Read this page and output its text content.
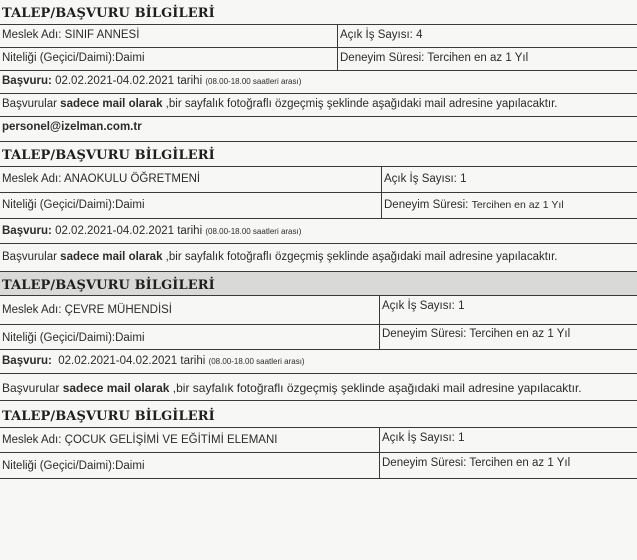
TALEP/BAŞVURU BİLGİLERİ
Meslek Adı: SINIF ANNESİ	Açık İş Sayısı: 4
Niteliği (Geçici/Daimi):Daimi	Deneyim Süresi: Tercihen en az 1 Yıl
Başvuru: 02.02.2021-04.02.2021 tarihi (08.00-18.00 saatleri arası)
Başvurular sadece mail olarak ,bir sayfalık fotoğraflı özgeçmiş şeklinde aşağıdaki mail adresine yapılacaktır.
personel@izelman.com.tr
TALEP/BAŞVURU BİLGİLERİ
Meslek Adı: ANAOKULU ÖĞRETMENİ	Açık İş Sayısı: 1
Niteliği (Geçici/Daimi):Daimi	Deneyim Süresi: Tercihen en az 1 Yıl
Başvuru: 02.02.2021-04.02.2021 tarihi (08.00-18.00 saatleri arası)
Başvurular sadece mail olarak ,bir sayfalık fotoğraflı özgeçmiş şeklinde aşağıdaki mail adresine yapılacaktır.
TALEP/BAŞVURU BİLGİLERİ
Meslek Adı: ÇEVRE MÜHENDİSİ	Açık İş Sayısı: 1
Niteliği (Geçici/Daimi):Daimi	Deneyim Süresi: Tercihen en az 1 Yıl
Başvuru: 02.02.2021-04.02.2021 tarihi (08.00-18.00 saatleri arası)
Başvurular sadece mail olarak ,bir sayfalık fotoğraflı özgeçmiş şeklinde aşağıdaki mail adresine yapılacaktır.
TALEP/BAŞVURU BİLGİLERİ
Meslek Adı: ÇOCUK GELİŞİMİ VE EĞİTİMİ ELEMANI	Açık İş Sayısı: 1
Niteliği (Geçici/Daimi):Daimi	Deneyim Süresi: Tercihen en az 1 Yıl
